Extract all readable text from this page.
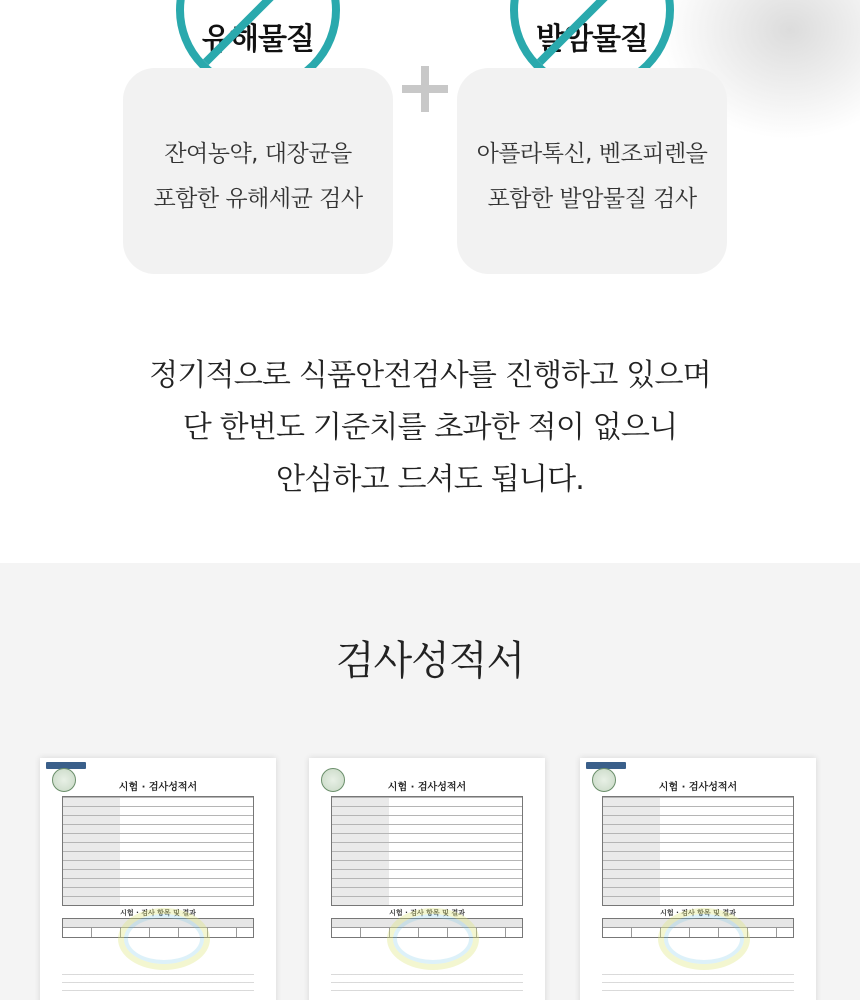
유해물질	발암물질
잔여농약, 대장균을
포함한 유해세균 검사
아플라톡신, 벤조피렌을
포함한 발암물질 검사
정기적으로 식품안전검사를 진행하고 있으며
단 한번도 기준치를 초과한 적이 없으니
안심하고 드셔도 됩니다.
검사성적서
시험 · 검사성적서
시험 · 검사 항목 및 결과
시험 · 검사성적서
시험 · 검사 항목 및 결과
시험 · 검사성적서
시험 · 검사 항목 및 결과
